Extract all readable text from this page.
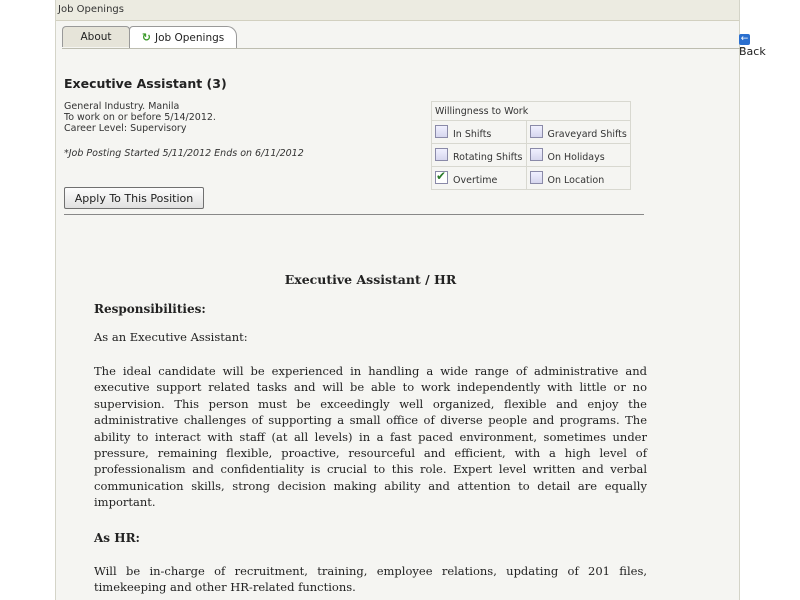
Job Openings
About	↻ Job Openings	←Back
Executive Assistant (3)
General Industry. Manila
To work on or before 5/14/2012.
Career Level: Supervisory
*Job Posting Started 5/11/2012 Ends on 6/11/2012
Willingness to Work	
In Shifts	Graveyard Shifts
Rotating Shifts	On Holidays
✔Overtime	On Location
Apply To This Position
Executive Assistant / HR
Responsibilities:
As an Executive Assistant:
The ideal candidate will be experienced in handling a wide range of administrative and executive support related tasks and will be able to work independently with little or no supervision. This person must be exceedingly well organized, flexible and enjoy the administrative challenges of supporting a small office of diverse people and programs. The ability to interact with staff (at all levels) in a fast paced environment, sometimes under pressure, remaining flexible, proactive, resourceful and efficient, with a high level of professionalism and confidentiality is crucial to this role. Expert level written and verbal communication skills, strong decision making ability and attention to detail are equally important.
As HR:
Will be in-charge of recruitment, training, employee relations, updating of 201 files, timekeeping and other HR-related functions.
